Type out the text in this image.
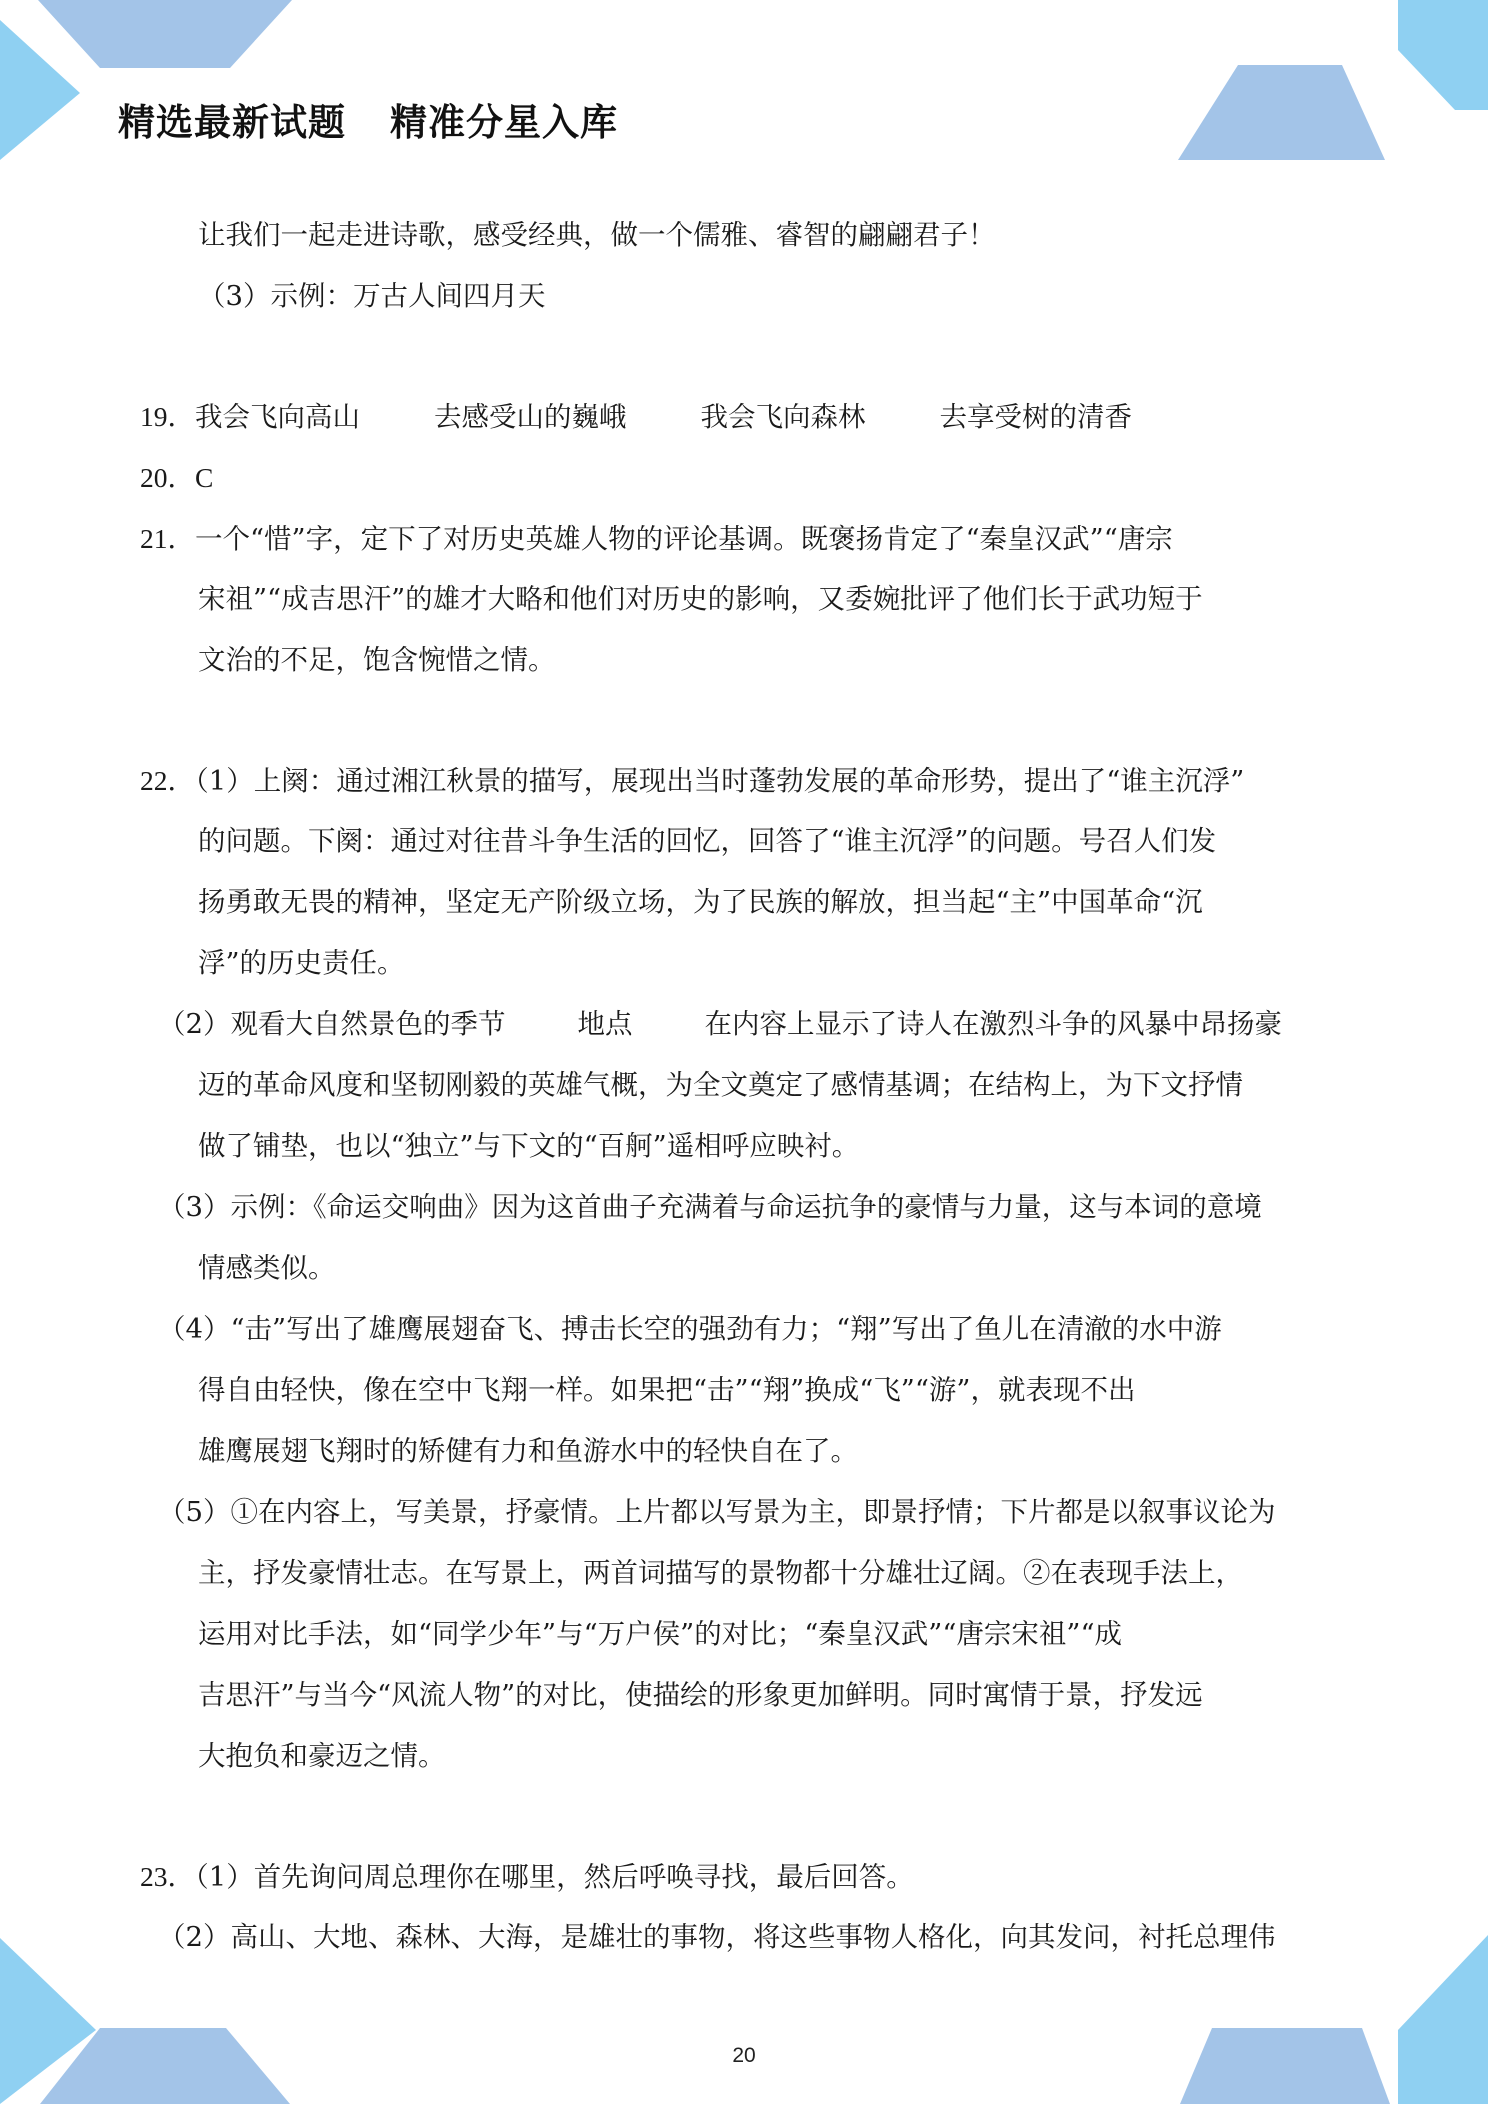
精选最新试题 精准分星入库
让我们一起走进诗歌，感受经典，做一个儒雅、睿智的翩翩君子！
（3）示例：万古人间四月天
19．我会飞向高山	去感受山的巍峨	我会飞向森林	去享受树的清香
20．C
21．一个“惜”字，定下了对历史英雄人物的评论基调。既褒扬肯定了“秦皇汉武”“唐宗
宋祖”“成吉思汗”的雄才大略和他们对历史的影响，又委婉批评了他们长于武功短于
文治的不足，饱含惋惜之情。
22．（1）上阕：通过湘江秋景的描写，展现出当时蓬勃发展的革命形势，提出了“谁主沉浮”
的问题。下阕：通过对往昔斗争生活的回忆，回答了“谁主沉浮”的问题。号召人们发
扬勇敢无畏的精神，坚定无产阶级立场，为了民族的解放，担当起“主”中国革命“沉
浮”的历史责任。
（2）观看大自然景色的季节	地点	在内容上显示了诗人在激烈斗争的风暴中昂扬豪
迈的革命风度和坚韧刚毅的英雄气概，为全文奠定了感情基调；在结构上，为下文抒情
做了铺垫，也以“独立”与下文的“百舸”遥相呼应映衬。
（3）示例：《命运交响曲》因为这首曲子充满着与命运抗争的豪情与力量，这与本词的意境
情感类似。
（4）“击”写出了雄鹰展翅奋飞、搏击长空的强劲有力；“翔”写出了鱼儿在清澈的水中游
得自由轻快，像在空中飞翔一样。如果把“击”“翔”换成“飞”“游”，就表现不出
雄鹰展翅飞翔时的矫健有力和鱼游水中的轻快自在了。
（5）①在内容上，写美景，抒豪情。上片都以写景为主，即景抒情；下片都是以叙事议论为
主，抒发豪情壮志。在写景上，两首词描写的景物都十分雄壮辽阔。②在表现手法上，
运用对比手法，如“同学少年”与“万户侯”的对比；“秦皇汉武”“唐宗宋祖”“成
吉思汗”与当今“风流人物”的对比，使描绘的形象更加鲜明。同时寓情于景，抒发远
大抱负和豪迈之情。
23．（1）首先询问周总理你在哪里，然后呼唤寻找，最后回答。
（2）高山、大地、森林、大海，是雄壮的事物，将这些事物人格化，向其发问，衬托总理伟
20
